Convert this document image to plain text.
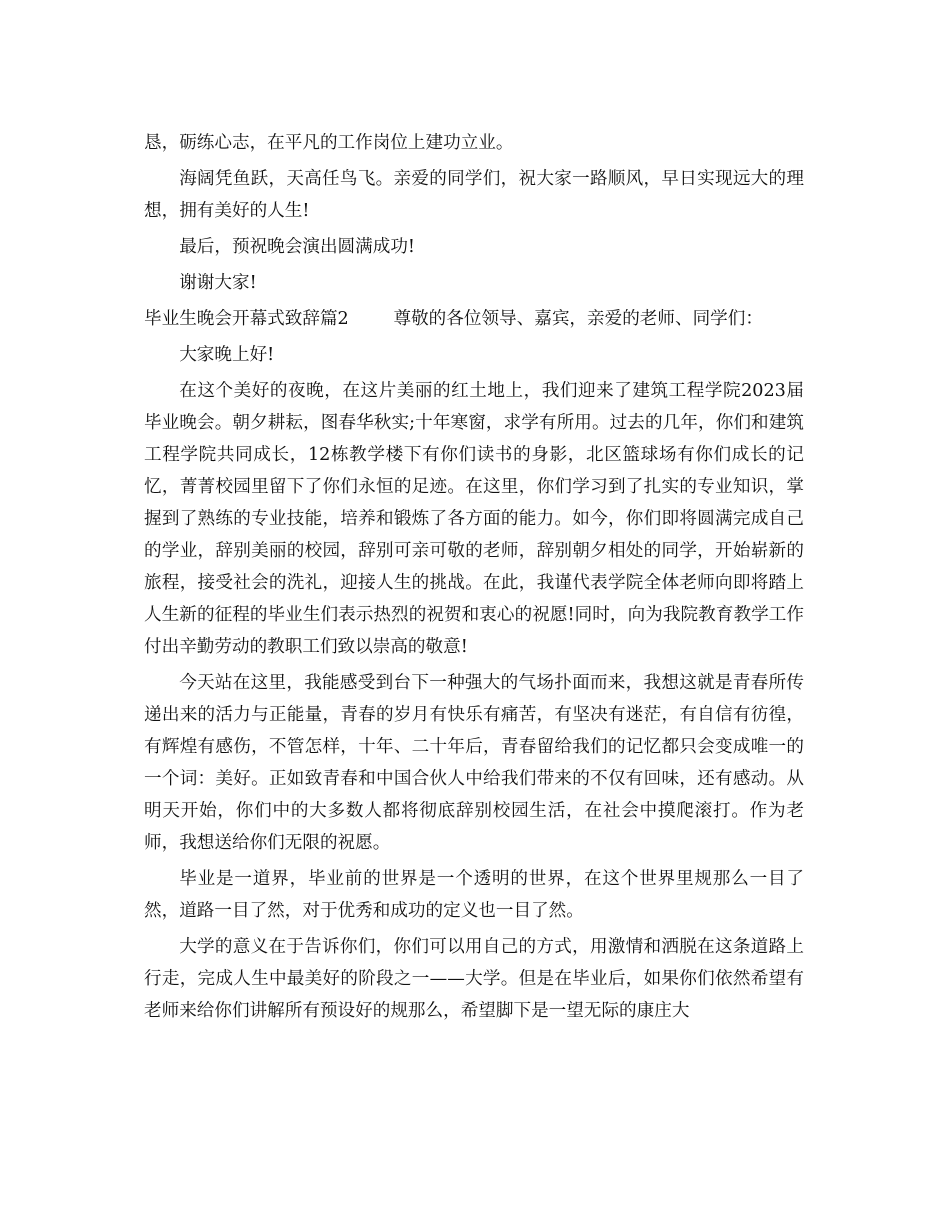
恳，砺练心志，在平凡的工作岗位上建功立业。

海阔凭鱼跃，天高任鸟飞。亲爱的同学们，祝大家一路顺风，早日实现远大的理想，拥有美好的人生!

最后，预祝晚会演出圆满成功!

谢谢大家!

毕业生晚会开幕式致辞篇2	尊敬的各位领导、嘉宾，亲爱的老师、同学们：

大家晚上好!

在这个美好的夜晚，在这片美丽的红土地上，我们迎来了建筑工程学院2023届毕业晚会。朝夕耕耘，图春华秋实;十年寒窗，求学有所用。过去的几年，你们和建筑工程学院共同成长，12栋教学楼下有你们读书的身影，北区篮球场有你们成长的记忆，菁菁校园里留下了你们永恒的足迹。在这里，你们学习到了扎实的专业知识，掌握到了熟练的专业技能，培养和锻炼了各方面的能力。如今，你们即将圆满完成自己的学业，辞别美丽的校园，辞别可亲可敬的老师，辞别朝夕相处的同学，开始崭新的旅程，接受社会的洗礼，迎接人生的挑战。在此，我谨代表学院全体老师向即将踏上人生新的征程的毕业生们表示热烈的祝贺和衷心的祝愿!同时，向为我院教育教学工作付出辛勤劳动的教职工们致以崇高的敬意!

今天站在这里，我能感受到台下一种强大的气场扑面而来，我想这就是青春所传递出来的活力与正能量，青春的岁月有快乐有痛苦，有坚决有迷茫，有自信有彷徨，有辉煌有感伤，不管怎样，十年、二十年后，青春留给我们的记忆都只会变成唯一的一个词：美好。正如致青春和中国合伙人中给我们带来的不仅有回味，还有感动。从明天开始，你们中的大多数人都将彻底辞别校园生活，在社会中摸爬滚打。作为老师，我想送给你们无限的祝愿。

毕业是一道界，毕业前的世界是一个透明的世界，在这个世界里规那么一目了然，道路一目了然，对于优秀和成功的定义也一目了然。

大学的意义在于告诉你们，你们可以用自己的方式，用激情和洒脱在这条道路上行走，完成人生中最美好的阶段之一——大学。但是在毕业后，如果你们依然希望有老师来给你们讲解所有预设好的规那么，希望脚下是一望无际的康庄大
